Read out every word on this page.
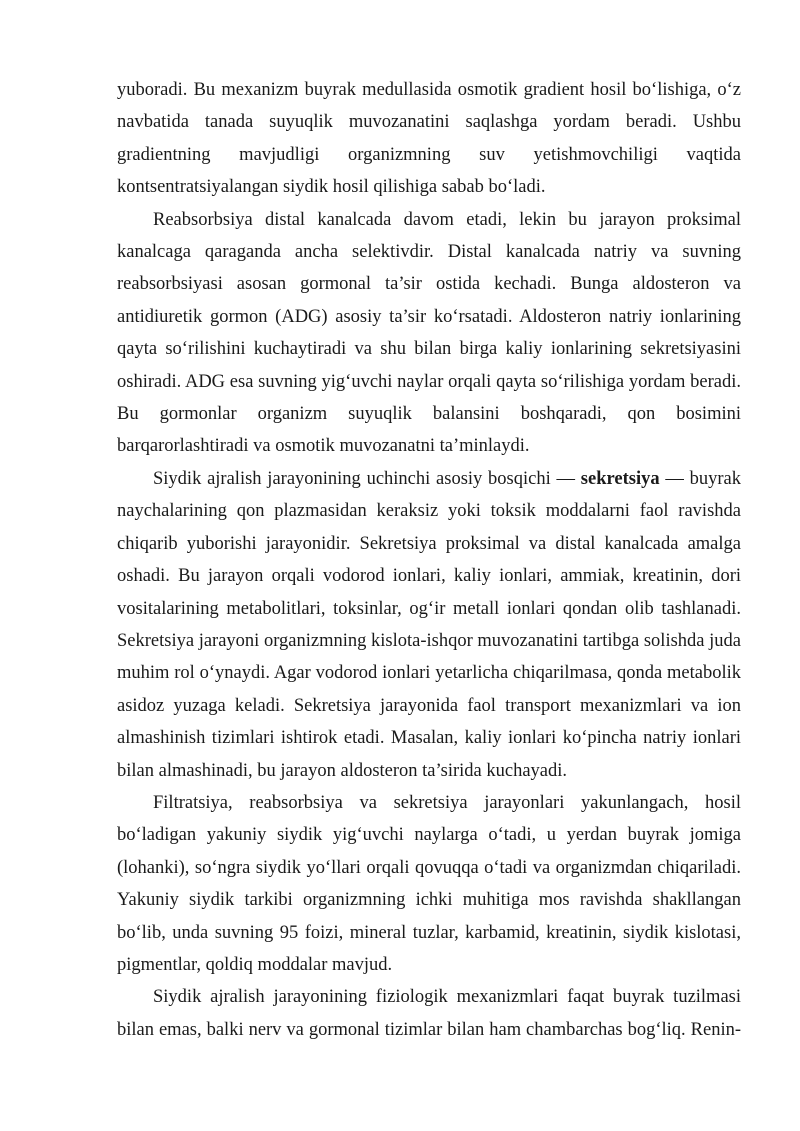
yuboradi. Bu mexanizm buyrak medullasida osmotik gradient hosil bo‘lishiga, o‘z navbatida tanada suyuqlik muvozanatini saqlashga yordam beradi. Ushbu gradientning mavjudligi organizmning suv yetishmovchiligi vaqtida kontsentratsiyalangan siydik hosil qilishiga sabab bo‘ladi.

Reabsorbsiya distal kanalcada davom etadi, lekin bu jarayon proksimal kanalcaga qaraganda ancha selektivdir. Distal kanalcada natriy va suvning reabsorbsiyasi asosan gormonal ta’sir ostida kechadi. Bunga aldosteron va antidiuretik gormon (ADG) asosiy ta’sir ko‘rsatadi. Aldosteron natriy ionlarining qayta so‘rilishini kuchaytiradi va shu bilan birga kaliy ionlarining sekretsiyasini oshiradi. ADG esa suvning yig‘uvchi naylar orqali qayta so‘rilishiga yordam beradi. Bu gormonlar organizm suyuqlik balansini boshqaradi, qon bosimini barqarorlashtiradi va osmotik muvozanatni ta’minlaydi.

Siydik ajralish jarayonining uchinchi asosiy bosqichi — sekretsiya — buyrak naychalarining qon plazmasidan keraksiz yoki toksik moddalarni faol ravishda chiqarib yuborishi jarayonidir. Sekretsiya proksimal va distal kanalcada amalga oshadi. Bu jarayon orqali vodorod ionlari, kaliy ionlari, ammiak, kreatinin, dori vositalarining metabolitlari, toksinlar, og‘ir metall ionlari qondan olib tashlanadi. Sekretsiya jarayoni organizmning kislota-ishqor muvozanatini tartibga solishda juda muhim rol o‘ynaydi. Agar vodorod ionlari yetarlicha chiqarilmasa, qonda metabolik asidoz yuzaga keladi. Sekretsiya jarayonida faol transport mexanizmlari va ion almashinish tizimlari ishtirok etadi. Masalan, kaliy ionlari ko‘pincha natriy ionlari bilan almashinadi, bu jarayon aldosteron ta’sirida kuchayadi.

Filtratsiya, reabsorbsiya va sekretsiya jarayonlari yakunlangach, hosil bo‘ladigan yakuniy siydik yig‘uvchi naylarga o‘tadi, u yerdan buyrak jomiga (lohanki), so‘ngra siydik yo‘llari orqali qovuqqa o‘tadi va organizmdan chiqariladi. Yakuniy siydik tarkibi organizmning ichki muhitiga mos ravishda shakllangan bo‘lib, unda suvning 95 foizi, mineral tuzlar, karbamid, kreatinin, siydik kislotasi, pigmentlar, qoldiq moddalar mavjud.

Siydik ajralish jarayonining fiziologik mexanizmlari faqat buyrak tuzilmasi bilan emas, balki nerv va gormonal tizimlar bilan ham chambarchas bog‘liq. Renin-
